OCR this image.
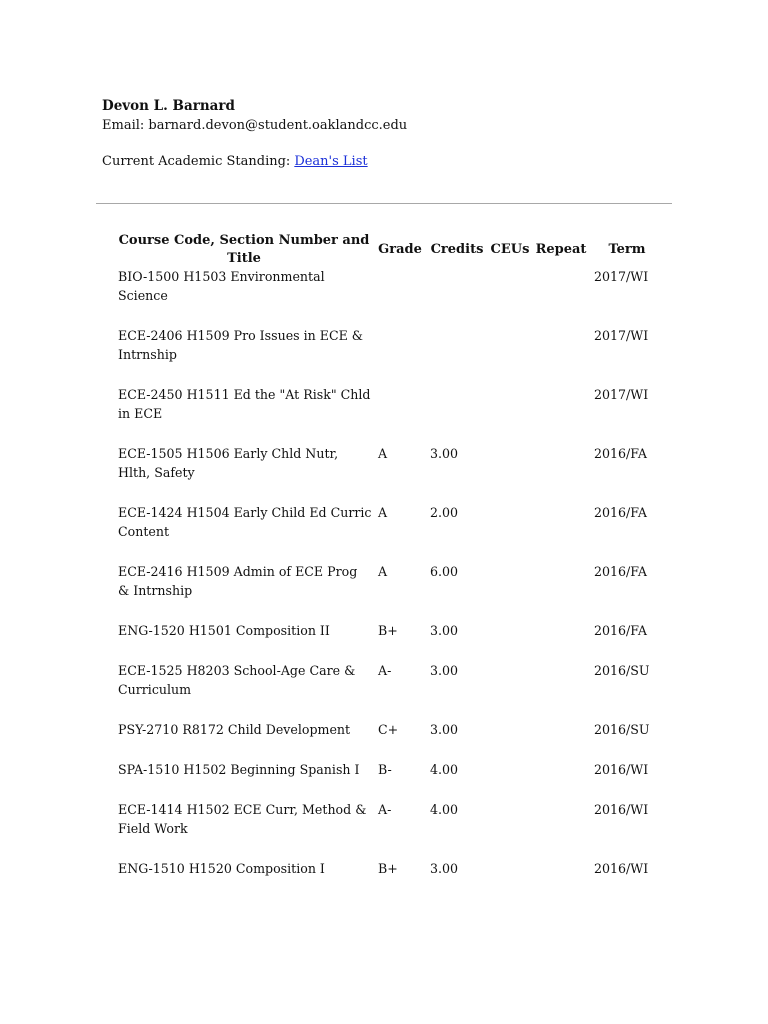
Devon L. Barnard
Email: barnard.devon@student.oaklandcc.edu
Current Academic Standing: Dean's List
Course Code, Section Number and Title	Grade	Credits	CEUs	Repeat	Term
BIO-1500 H1503 Environmental Science					2017/WI
ECE-2406 H1509 Pro Issues in ECE & Intrnship					2017/WI
ECE-2450 H1511 Ed the "At Risk" Chld in ECE					2017/WI
ECE-1505 H1506 Early Chld Nutr, Hlth, Safety	A	3.00			2016/FA
ECE-1424 H1504 Early Child Ed Curric Content	A	2.00			2016/FA
ECE-2416 H1509 Admin of ECE Prog & Intrnship	A	6.00			2016/FA
ENG-1520 H1501 Composition II	B+	3.00			2016/FA
ECE-1525 H8203 School-Age Care & Curriculum	A-	3.00			2016/SU
PSY-2710 R8172 Child Development	C+	3.00			2016/SU
SPA-1510 H1502 Beginning Spanish I	B-	4.00			2016/WI
ECE-1414 H1502 ECE Curr, Method & Field Work	A-	4.00			2016/WI
ENG-1510 H1520 Composition I	B+	3.00			2016/WI
